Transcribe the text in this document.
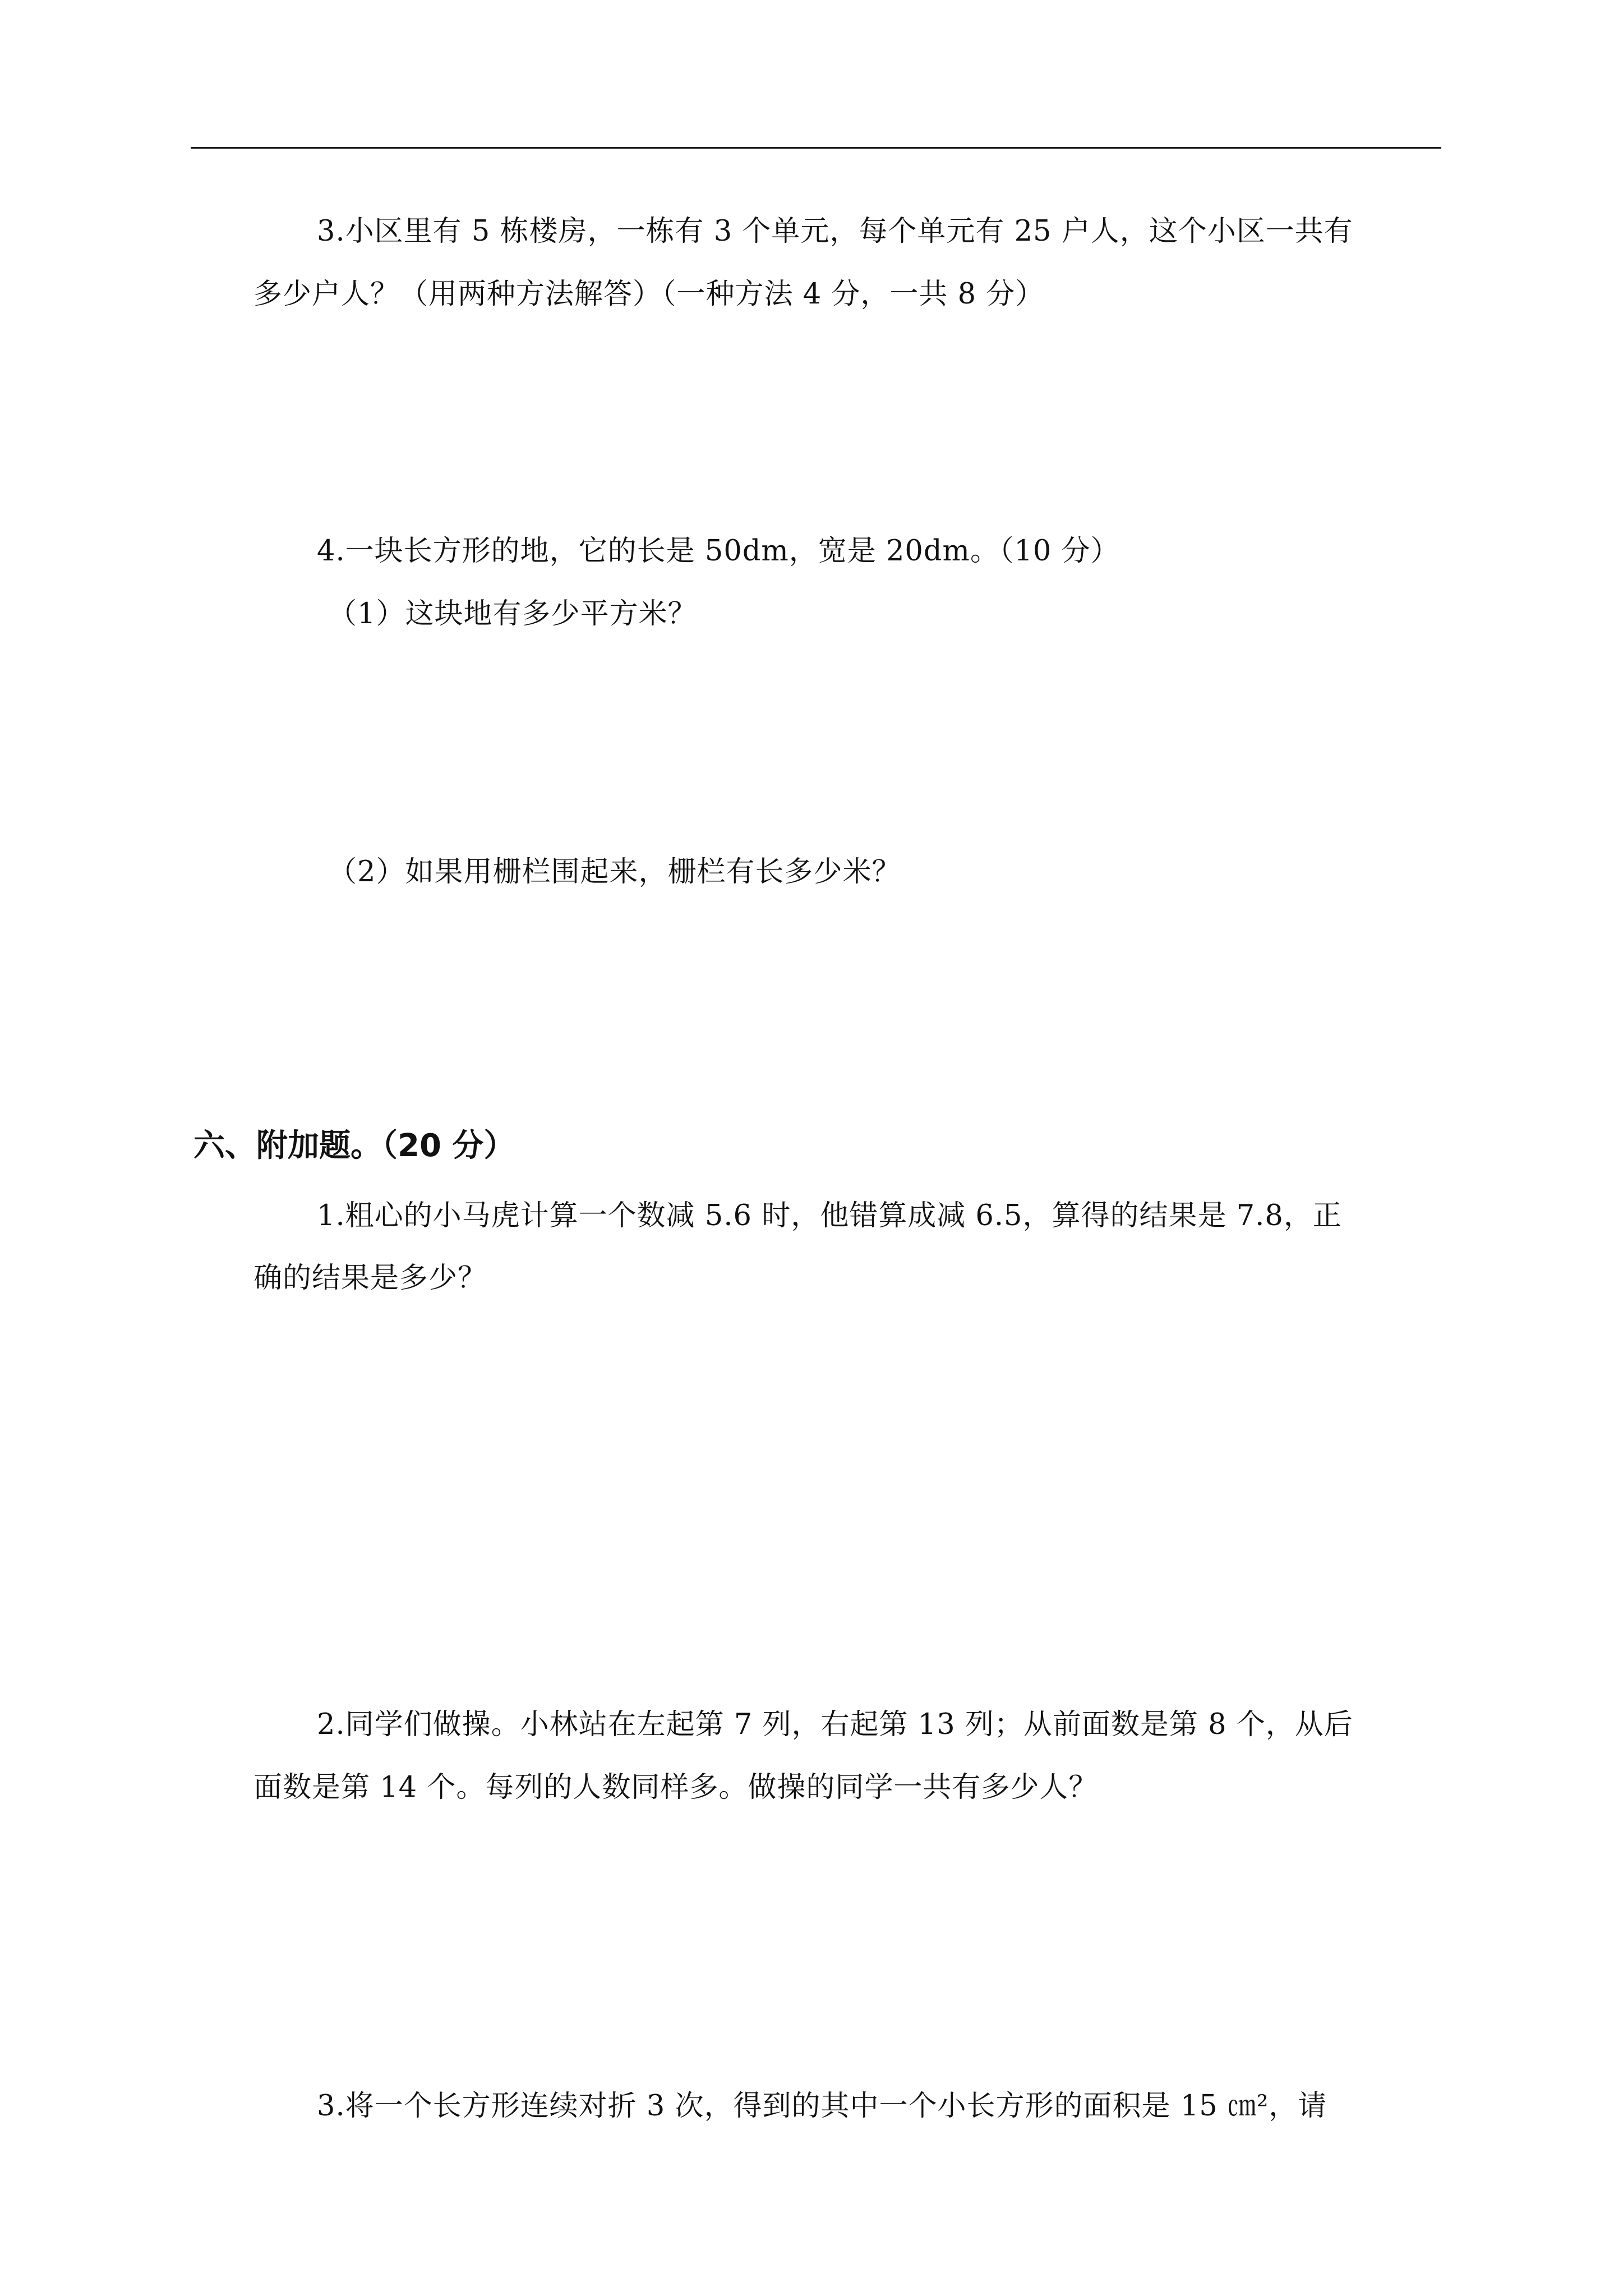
3.小区里有 5 栋楼房，一栋有 3 个单元，每个单元有 25 户人，这个小区一共有
多少户人？（用两种方法解答）（一种方法 4 分，一共 8 分）
4.一块长方形的地，它的长是 50dm，宽是 20dm。（10 分）
（1）这块地有多少平方米？
（2）如果用栅栏围起来，栅栏有长多少米？
六、附加题。（20 分）
1.粗心的小马虎计算一个数减 5.6 时，他错算成减 6.5，算得的结果是 7.8，正
确的结果是多少？
2.同学们做操。小林站在左起第 7 列，右起第 13 列；从前面数是第 8 个，从后
面数是第 14 个。每列的人数同样多。做操的同学一共有多少人？
3.将一个长方形连续对折 3 次，得到的其中一个小长方形的面积是 15 ㎝²，请
